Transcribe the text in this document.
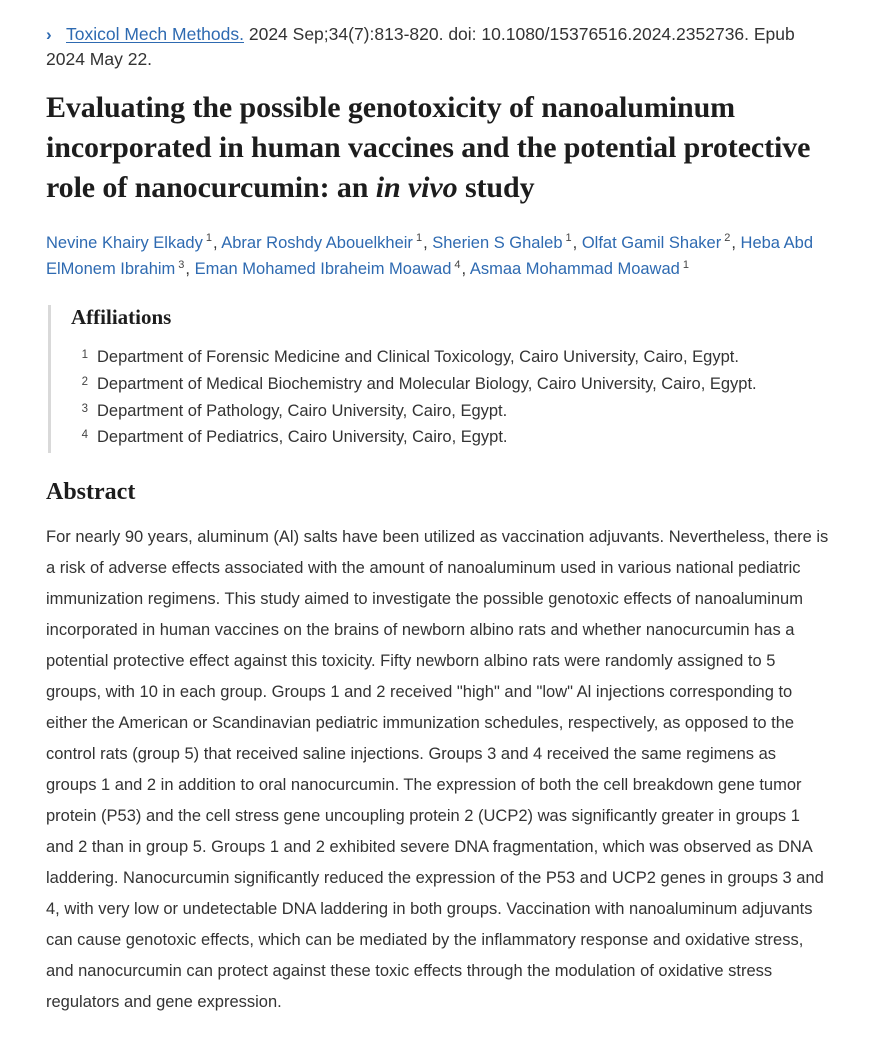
› Toxicol Mech Methods. 2024 Sep;34(7):813-820. doi: 10.1080/15376516.2024.2352736. Epub 2024 May 22.

Evaluating the possible genotoxicity of nanoaluminum incorporated in human vaccines and the potential protective role of nanocurcumin: an in vivo study

Nevine Khairy Elkady $^1$, Abrar Roshdy Abouelkheir $^1$, Sherien S Ghaleb $^1$, Olfat Gamil Shaker $^2$, Heba Abd ElMonem Ibrahim $^3$, Eman Mohamed Ibraheim Moawad $^4$, Asmaa Mohammad Moawad $^1$

Affiliations
1 Department of Forensic Medicine and Clinical Toxicology, Cairo University, Cairo, Egypt.
2 Department of Medical Biochemistry and Molecular Biology, Cairo University, Cairo, Egypt.
3 Department of Pathology, Cairo University, Cairo, Egypt.
4 Department of Pediatrics, Cairo University, Cairo, Egypt.
Abstract

For nearly 90 years, aluminum (Al) salts have been utilized as vaccination adjuvants. Nevertheless, there is a risk of adverse effects associated with the amount of nanoaluminum used in various national pediatric immunization regimens. This study aimed to investigate the possible genotoxic effects of nanoaluminum incorporated in human vaccines on the brains of newborn albino rats and whether nanocurcumin has a potential protective effect against this toxicity. Fifty newborn albino rats were randomly assigned to 5 groups, with 10 in each group. Groups 1 and 2 received "high" and "low" Al injections corresponding to either the American or Scandinavian pediatric immunization schedules, respectively, as opposed to the control rats (group 5) that received saline injections. Groups 3 and 4 received the same regimens as groups 1 and 2 in addition to oral nanocurcumin. The expression of both the cell breakdown gene tumor protein (P53) and the cell stress gene uncoupling protein 2 (UCP2) was significantly greater in groups 1 and 2 than in group 5. Groups 1 and 2 exhibited severe DNA fragmentation, which was observed as DNA laddering. Nanocurcumin significantly reduced the expression of the P53 and UCP2 genes in groups 3 and 4, with very low or undetectable DNA laddering in both groups. Vaccination with nanoaluminum adjuvants can cause genotoxic effects, which can be mediated by the inflammatory response and oxidative stress, and nanocurcumin can protect against these toxic effects through the modulation of oxidative stress regulators and gene expression.
